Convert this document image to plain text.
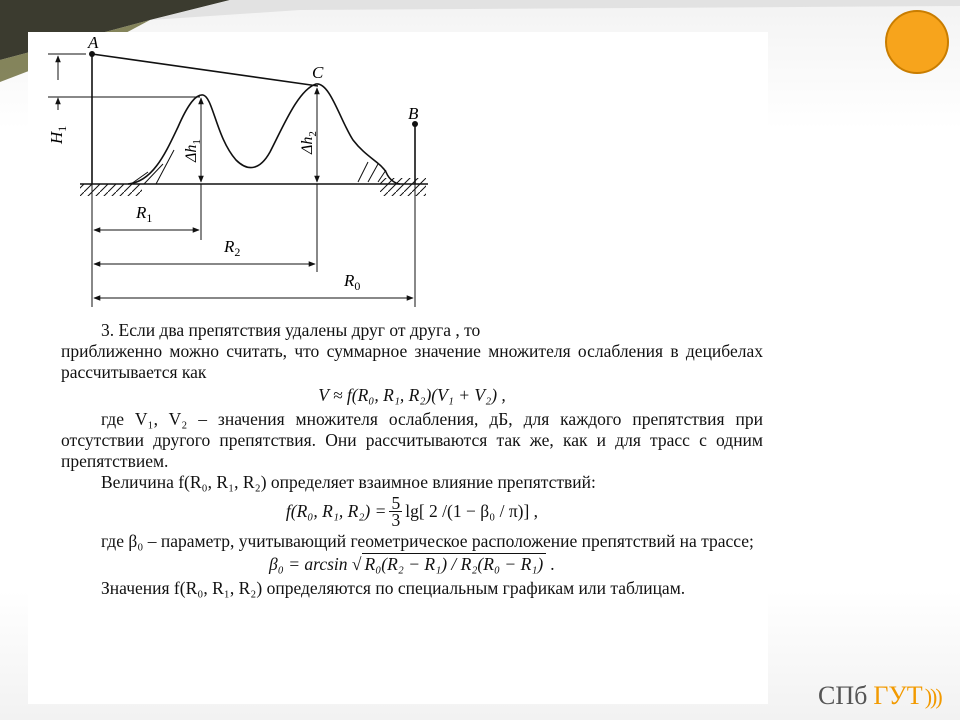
A
C
B
$H_1$
$\Delta h_1$	$\Delta h_2$
$R_1$
$R_2$
$R_0$

3. Если два препятствия удалены друг от друга , то

приближенно можно считать, что суммарное значение множителя ослабления в децибелах рассчитывается как

V ≈ f(R₀, R₁, R₂)(V₁ + V₂) ,

где V₁, V₂ – значения множителя ослабления, дБ, для каждого препятствия при отсутствии другого препятствия. Они рассчитываются так же, как и для трасс с одним препятствием.

Величина f(R₀, R₁, R₂) определяет взаимное влияние препятствий:

f(R₀, R₁, $R_2) = \frac{5}{3} \lg$[ 2 /(1 − β₀ / π)] ,

где β₀ – параметр, учитывающий геометрическое расположение препятствий на трассе;

β₀ = arcsin √ R₀(R₂ − R₁) / R₂(R₀ − R₁) .

Значения f(R₀, R₁, R₂) определяются по специальным графикам или таблицам.

СПб ГУТ)))
